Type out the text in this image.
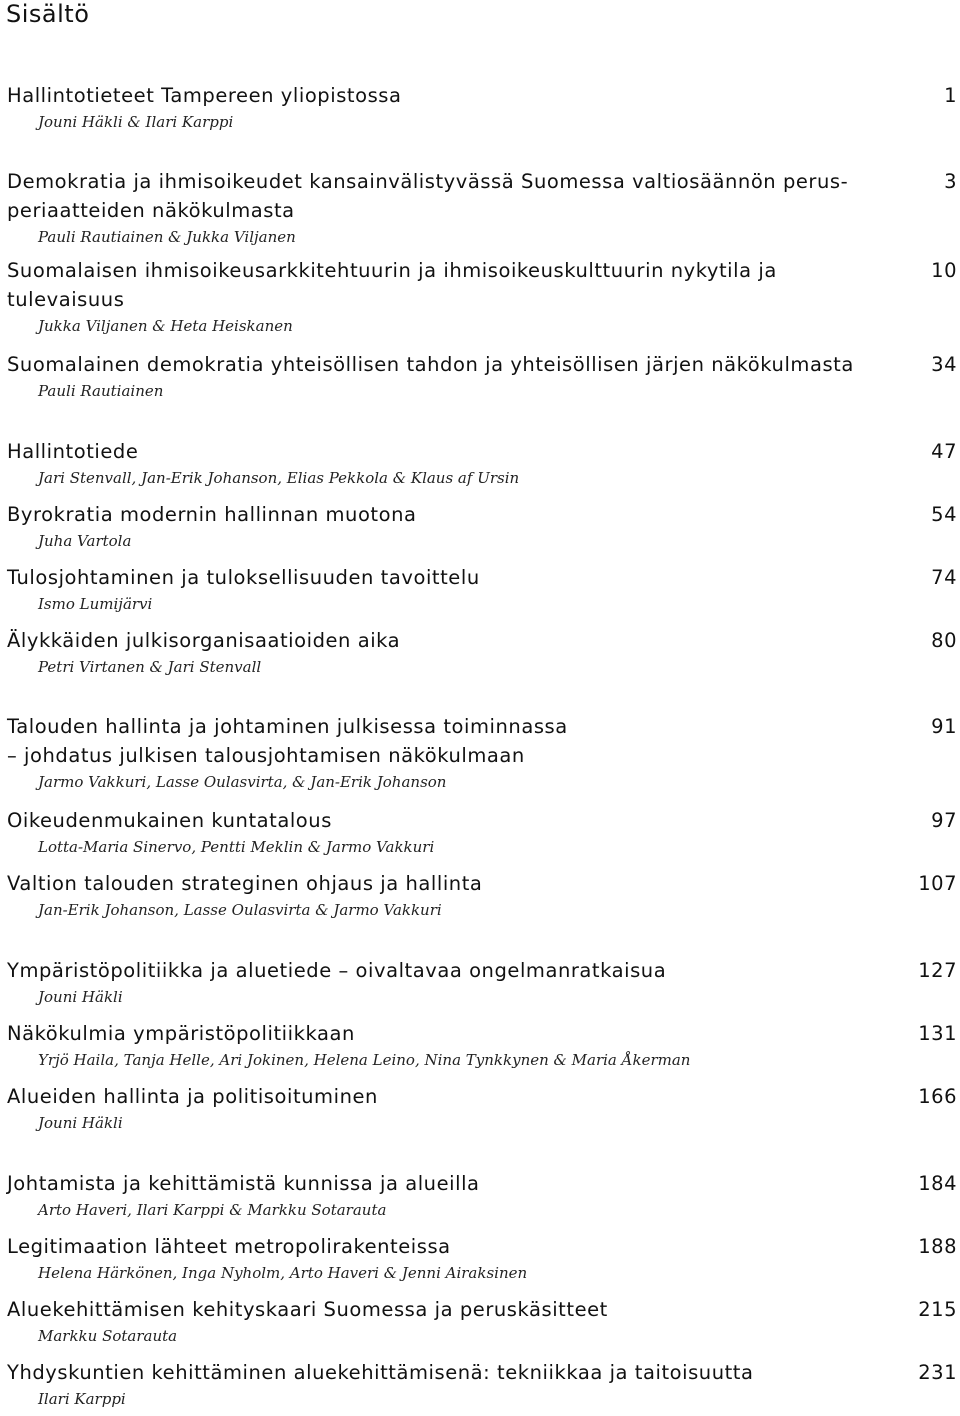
Sisältö
Hallintotieteet Tampereen yliopistossa	1
Jouni Häkli & Ilari Karppi
Demokratia ja ihmisoikeudet kansainvälistyvässä Suomessa valtiosäännön perus-
periaatteiden näkökulmasta
3
Pauli Rautiainen & Jukka Viljanen
Suomalaisen ihmisoikeusarkkitehtuurin ja ihmisoikeuskulttuurin nykytila ja
tulevaisuus
10
Jukka Viljanen & Heta Heiskanen
Suomalainen demokratia yhteisöllisen tahdon ja yhteisöllisen järjen näkökulmasta	34
Pauli Rautiainen
Hallintotiede	47
Jari Stenvall, Jan-Erik Johanson, Elias Pekkola & Klaus af Ursin
Byrokratia modernin hallinnan muotona	54
Juha Vartola
Tulosjohtaminen ja tuloksellisuuden tavoittelu	74
Ismo Lumijärvi
Älykkäiden julkisorganisaatioiden aika	80
Petri Virtanen & Jari Stenvall
Talouden hallinta ja johtaminen julkisessa toiminnassa
– johdatus julkisen talousjohtamisen näkökulmaan
91
Jarmo Vakkuri, Lasse Oulasvirta, & Jan-Erik Johanson
Oikeudenmukainen kuntatalous	97
Lotta-Maria Sinervo, Pentti Meklin & Jarmo Vakkuri
Valtion talouden strateginen ohjaus ja hallinta	107
Jan-Erik Johanson, Lasse Oulasvirta & Jarmo Vakkuri
Ympäristöpolitiikka ja aluetiede – oivaltavaa ongelmanratkaisua	127
Jouni Häkli
Näkökulmia ympäristöpolitiikkaan	131
Yrjö Haila, Tanja Helle, Ari Jokinen, Helena Leino, Nina Tynkkynen & Maria Åkerman
Alueiden hallinta ja politisoituminen	166
Jouni Häkli
Johtamista ja kehittämistä kunnissa ja alueilla	184
Arto Haveri, Ilari Karppi & Markku Sotarauta
Legitimaation lähteet metropolirakenteissa	188
Helena Härkönen, Inga Nyholm, Arto Haveri & Jenni Airaksinen
Aluekehittämisen kehityskaari Suomessa ja peruskäsitteet	215
Markku Sotarauta
Yhdyskuntien kehittäminen aluekehittämisenä: tekniikkaa ja taitoisuutta	231
Ilari Karppi
